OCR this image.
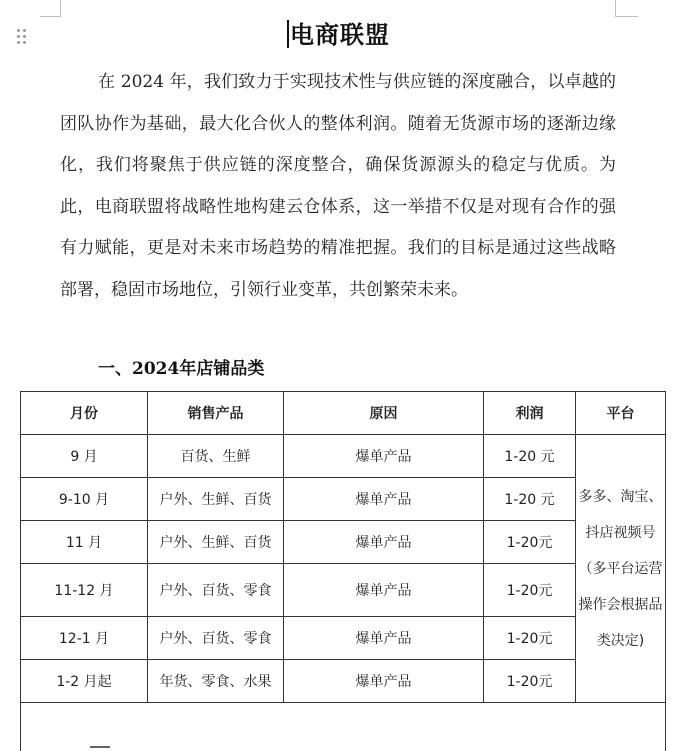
电商联盟

在 2024 年，我们致力于实现技术性与供应链的深度融合，以卓越的团队协作为基础，最大化合伙人的整体利润。随着无货源市场的逐渐边缘化，我们将聚焦于供应链的深度整合，确保货源源头的稳定与优质。为此，电商联盟将战略性地构建云仓体系，这一举措不仅是对现有合作的强有力赋能，更是对未来市场趋势的精准把握。我们的目标是通过这些战略部署，稳固市场地位，引领行业变革，共创繁荣未来。

一、2024年店铺品类
月份	销售产品	原因	利润	平台
9 月	百货、生鲜	爆单产品	1-20 元	多多、淘宝、抖店视频号（多平台运营操作会根据品类决定)
9-10 月	户外、生鲜、百货	爆单产品	1-20 元	
11 月	户外、生鲜、百货	爆单产品	1-20元	
11-12 月	户外、百货、零食	爆单产品	1-20元	
12-1 月	户外、百货、零食	爆单产品	1-20元	
1-2 月起	年货、零食、水果	爆单产品	1-20元	
